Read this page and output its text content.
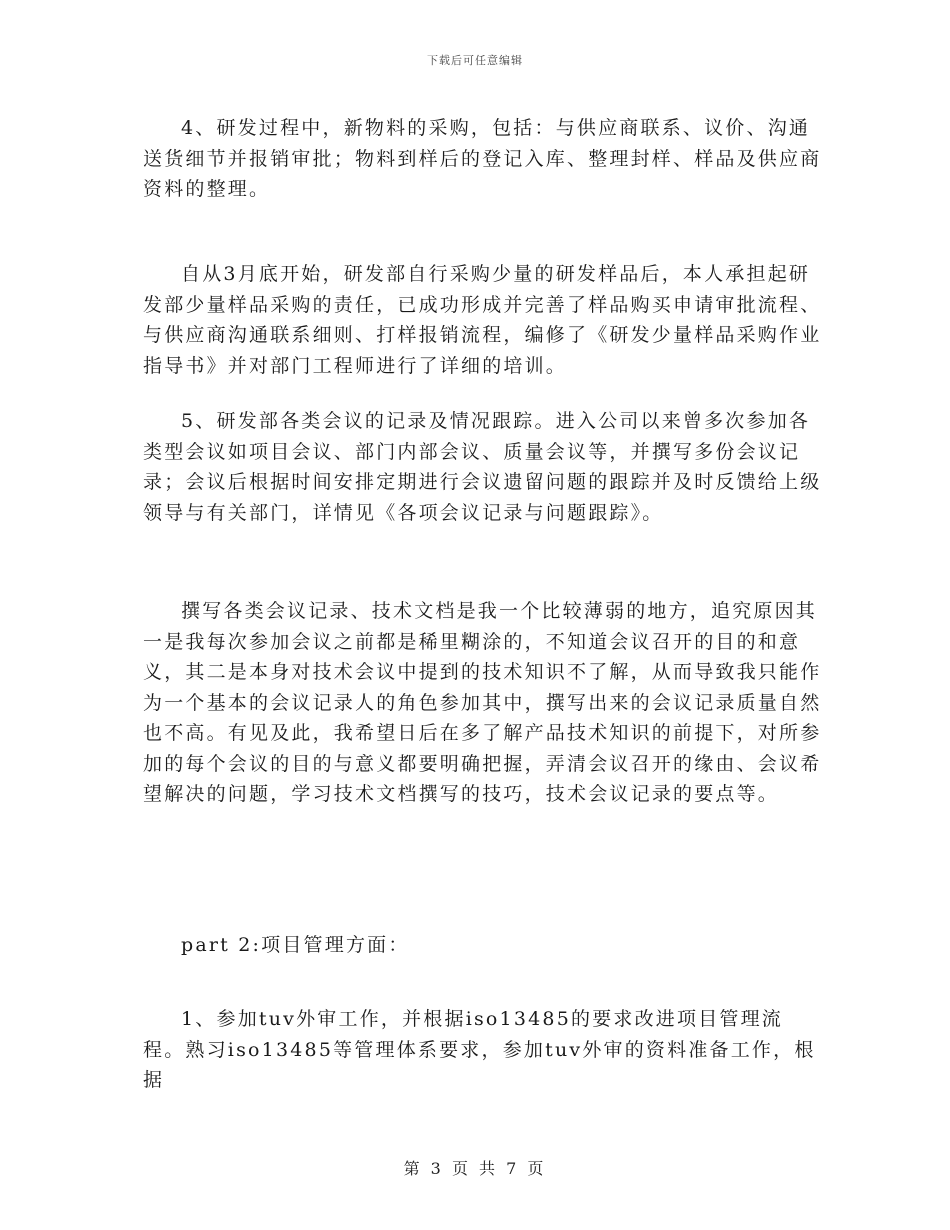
下载后可任意编辑

4、研发过程中，新物料的采购，包括：与供应商联系、议价、沟通送货细节并报销审批；物料到样后的登记入库、整理封样、样品及供应商资料的整理。

自从3月底开始，研发部自行采购少量的研发样品后，本人承担起研发部少量样品采购的责任，已成功形成并完善了样品购买申请审批流程、与供应商沟通联系细则、打样报销流程，编修了《研发少量样品采购作业指导书》并对部门工程师进行了详细的培训。

5、研发部各类会议的记录及情况跟踪。进入公司以来曾多次参加各类型会议如项目会议、部门内部会议、质量会议等，并撰写多份会议记录；会议后根据时间安排定期进行会议遗留问题的跟踪并及时反馈给上级领导与有关部门，详情见《各项会议记录与问题跟踪》。

撰写各类会议记录、技术文档是我一个比较薄弱的地方，追究原因其一是我每次参加会议之前都是稀里糊涂的，不知道会议召开的目的和意义，其二是本身对技术会议中提到的技术知识不了解，从而导致我只能作为一个基本的会议记录人的角色参加其中，撰写出来的会议记录质量自然也不高。有见及此，我希望日后在多了解产品技术知识的前提下，对所参加的每个会议的目的与意义都要明确把握，弄清会议召开的缘由、会议希望解决的问题，学习技术文档撰写的技巧，技术会议记录的要点等。

part 2:项目管理方面：

1、参加tuv外审工作，并根据iso13485的要求改进项目管理流程。熟习iso13485等管理体系要求，参加tuv外审的资料准备工作，根据

第 3 页 共 7 页
